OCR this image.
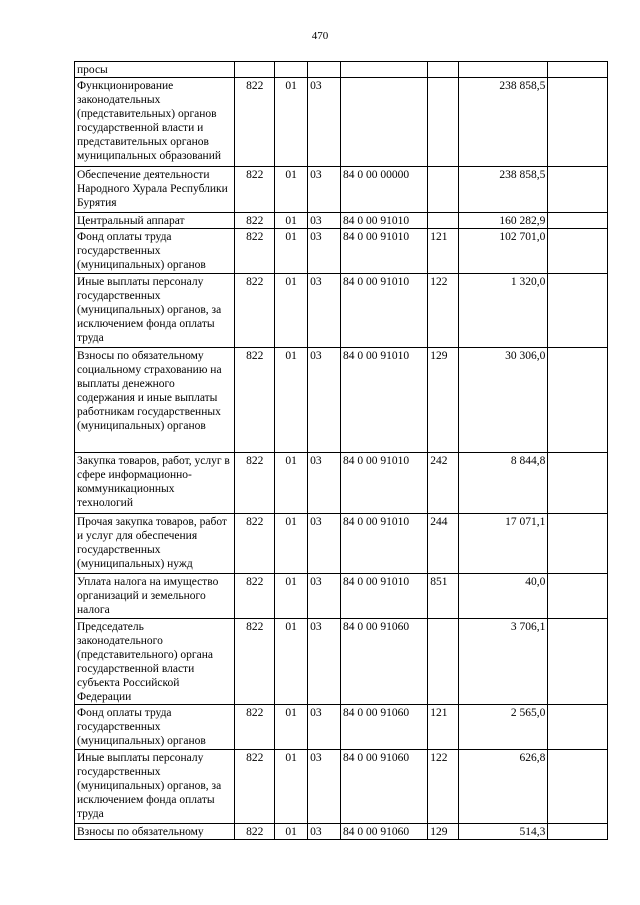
470
просы							
Функционирование законодательных (представительных) органов государственной власти и представительных органов муниципальных образований	822	01	03			238 858,5	
Обеспечение деятельности Народного Хурала Республики Бурятия	822	01	03	84 0 00 00000		238 858,5	
Центральный аппарат	822	01	03	84 0 00 91010		160 282,9	
Фонд оплаты труда государственных (муниципальных) органов	822	01	03	84 0 00 91010	121	102 701,0	
Иные выплаты персоналу государственных (муниципальных) органов, за исключением фонда оплаты труда	822	01	03	84 0 00 91010	122	1 320,0	
Взносы по обязательному социальному страхованию на выплаты денежного содержания и иные выплаты работникам государственных (муниципальных) органов	822	01	03	84 0 00 91010	129	30 306,0	
Закупка товаров, работ, услуг в сфере информационно-коммуникационных технологий	822	01	03	84 0 00 91010	242	8 844,8	
Прочая закупка товаров, работ и услуг для обеспечения государственных (муниципальных) нужд	822	01	03	84 0 00 91010	244	17 071,1	
Уплата налога на имущество организаций и земельного налога	822	01	03	84 0 00 91010	851	40,0	
Председатель законодательного (представительного) органа государственной власти субъекта Российской Федерации	822	01	03	84 0 00 91060		3 706,1	
Фонд оплаты труда государственных (муниципальных) органов	822	01	03	84 0 00 91060	121	2 565,0	
Иные выплаты персоналу государственных (муниципальных) органов, за исключением фонда оплаты труда	822	01	03	84 0 00 91060	122	626,8	
Взносы по обязательному	822	01	03	84 0 00 91060	129	514,3	
